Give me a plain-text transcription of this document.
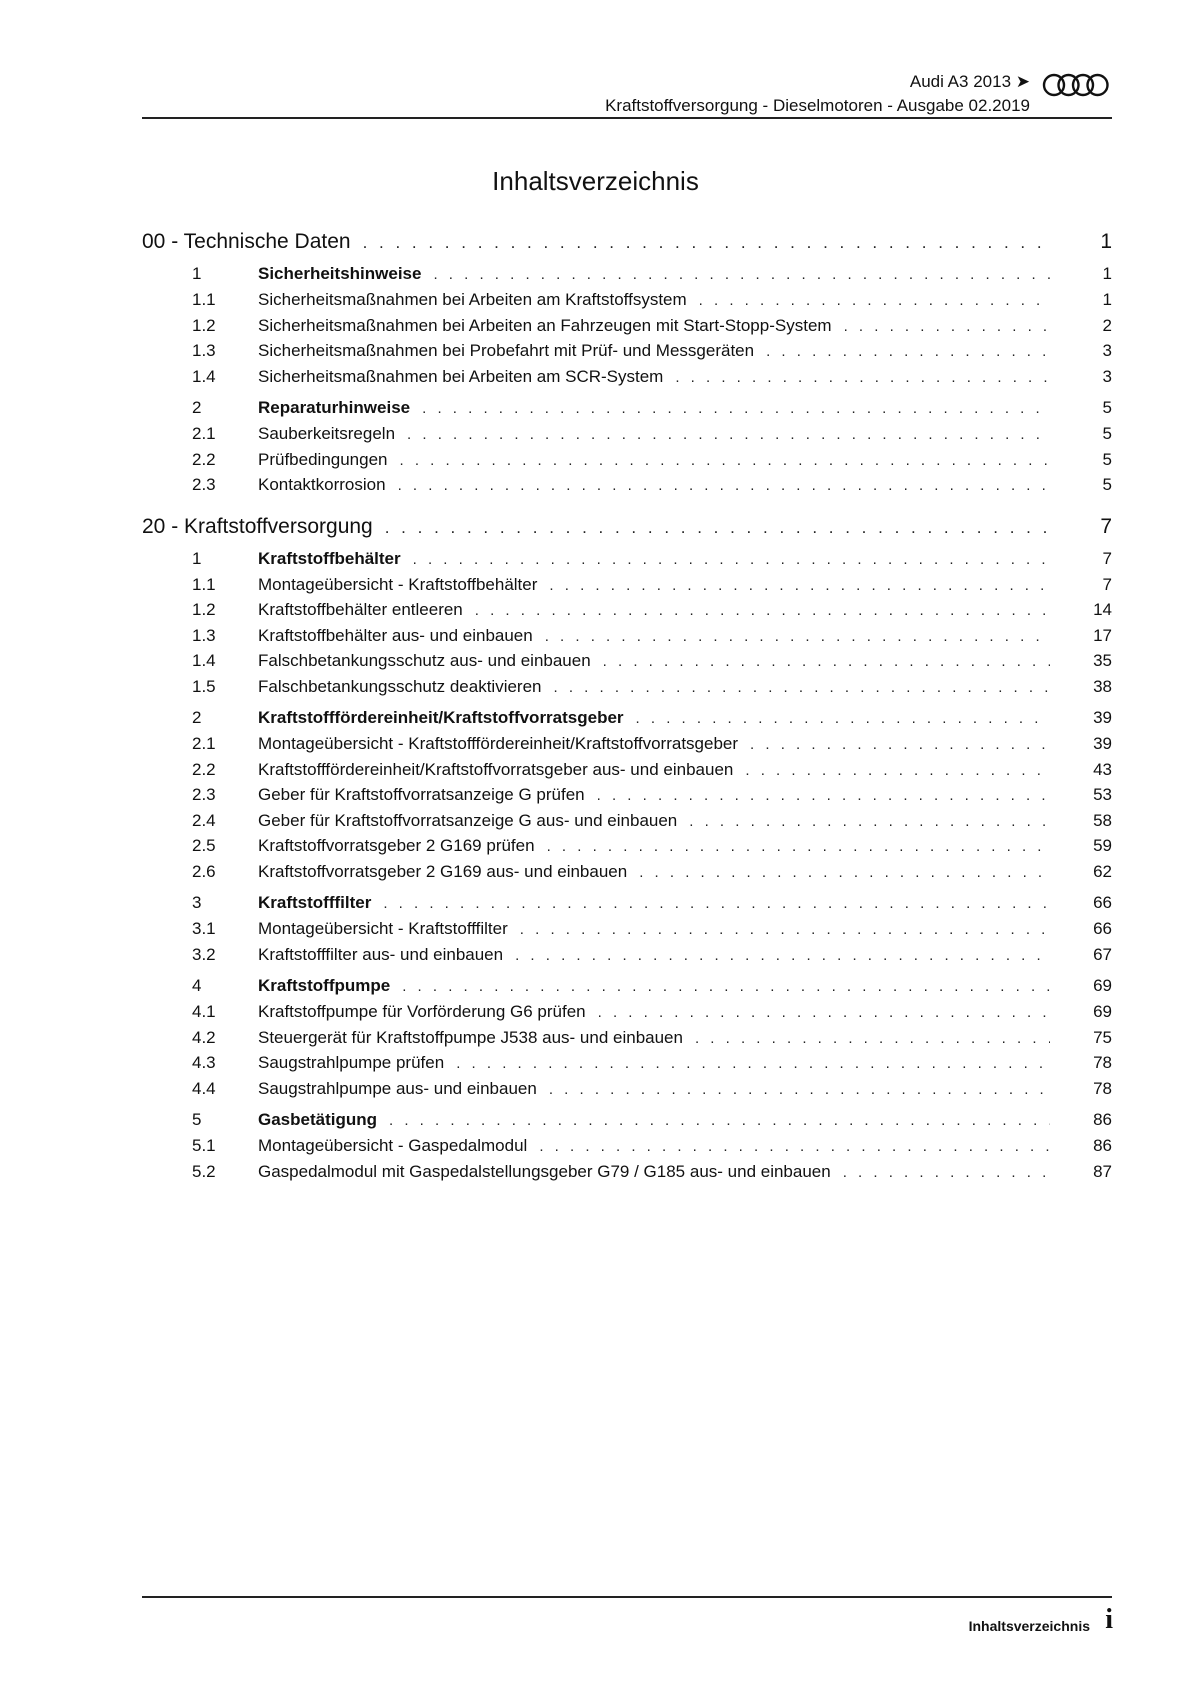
Audi A3 2013 ➤
Kraftstoffversorgung - Dieselmotoren - Ausgabe 02.2019
Inhaltsverzeichnis
00 - Technische Daten . . .	1
1	Sicherheitshinweise . . .	1
1.1	Sicherheitsmaßnahmen bei Arbeiten am Kraftstoffsystem . . .	1
1.2	Sicherheitsmaßnahmen bei Arbeiten an Fahrzeugen mit Start-Stopp-System . . .	2
1.3	Sicherheitsmaßnahmen bei Probefahrt mit Prüf- und Messgeräten . . .	3
1.4	Sicherheitsmaßnahmen bei Arbeiten am SCR-System . . .	3
2	Reparaturhinweise . . .	5
2.1	Sauberkeitsregeln . . .	5
2.2	Prüfbedingungen . . .	5
2.3	Kontaktkorrosion . . .	5
20 - Kraftstoffversorgung . . .	7
1	Kraftstoffbehälter . . .	7
1.1	Montageübersicht - Kraftstoffbehälter . . .	7
1.2	Kraftstoffbehälter entleeren . . .	14
1.3	Kraftstoffbehälter aus- und einbauen . . .	17
1.4	Falschbetankungsschutz aus- und einbauen . . .	35
1.5	Falschbetankungsschutz deaktivieren . . .	38
2	Kraftstofffördereinheit/Kraftstoffvorratsgeber . . .	39
2.1	Montageübersicht - Kraftstofffördereinheit/Kraftstoffvorratsgeber . . .	39
2.2	Kraftstofffördereinheit/Kraftstoffvorratsgeber aus- und einbauen . . .	43
2.3	Geber für Kraftstoffvorratsanzeige G prüfen . . .	53
2.4	Geber für Kraftstoffvorratsanzeige G aus- und einbauen . . .	58
2.5	Kraftstoffvorratsgeber 2 G169 prüfen . . .	59
2.6	Kraftstoffvorratsgeber 2 G169 aus- und einbauen . . .	62
3	Kraftstofffilter . . .	66
3.1	Montageübersicht - Kraftstofffilter . . .	66
3.2	Kraftstofffilter aus- und einbauen . . .	67
4	Kraftstoffpumpe . . .	69
4.1	Kraftstoffpumpe für Vorförderung G6 prüfen . . .	69
4.2	Steuergerät für Kraftstoffpumpe J538 aus- und einbauen . . .	75
4.3	Saugstrahlpumpe prüfen . . .	78
4.4	Saugstrahlpumpe aus- und einbauen . . .	78
5	Gasbetätigung . . .	86
5.1	Montageübersicht - Gaspedalmodul . . .	86
5.2	Gaspedalmodul mit Gaspedalstellungsgeber G79 / G185 aus- und einbauen . . .	87
Inhaltsverzeichnis i
